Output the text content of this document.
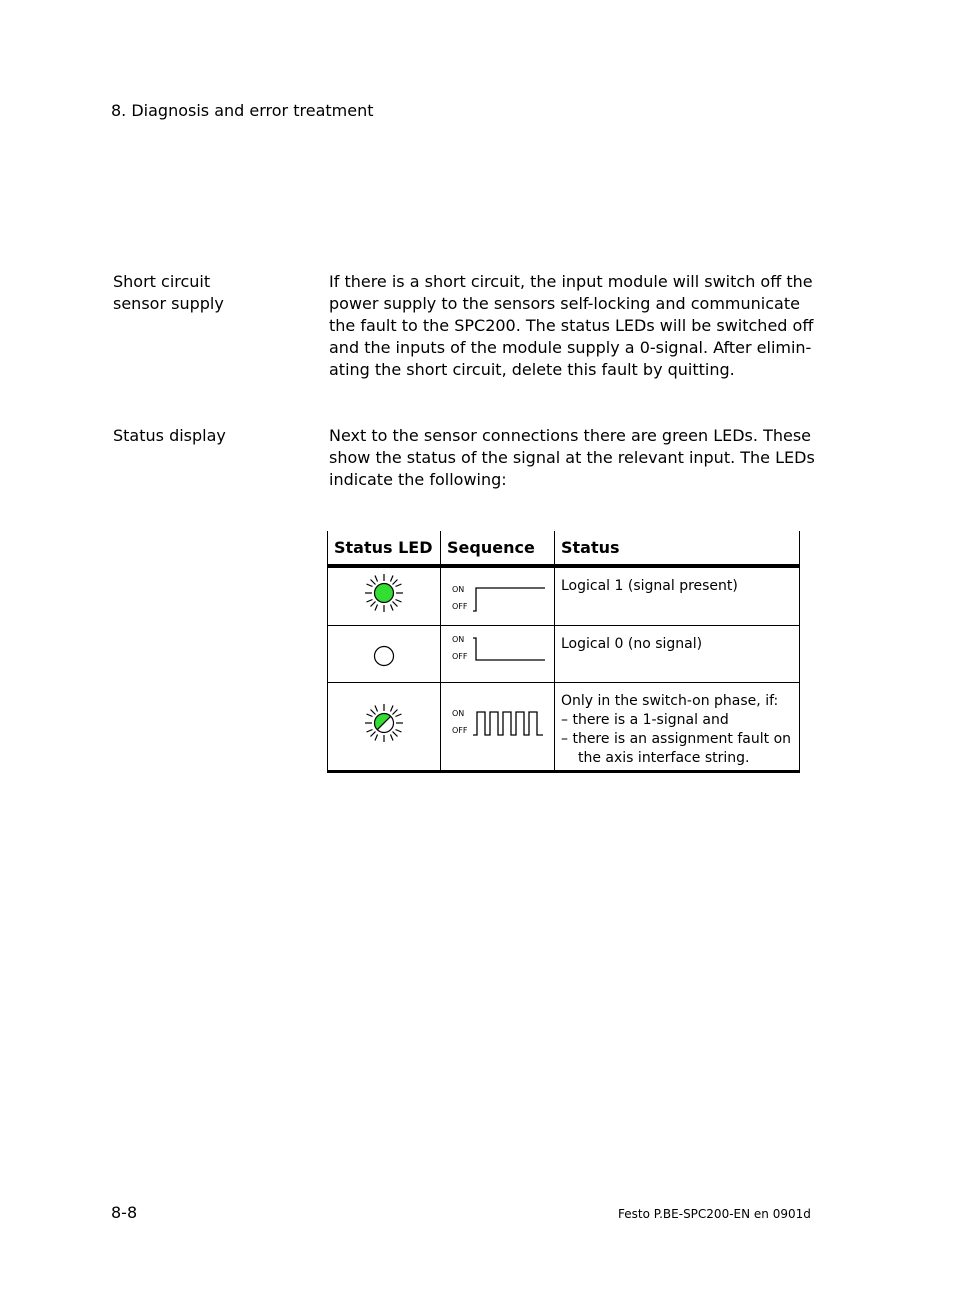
8. Diagnosis and error treatment
Short circuit
sensor supply
If there is a short circuit, the input module will switch off the
power supply to the sensors self-locking and communicate
the fault to the SPC200. The status LEDs will be switched off
and the inputs of the module supply a 0-signal. After elimin-
ating the short circuit, delete this fault by quitting.
Status display	Next to the sensor connections there are green LEDs. These
show the status of the signal at the relevant input. The LEDs
indicate the following:
Status LED	Sequence	Status

ON
OFF	Logical 1 (signal present)

ON
OFF	Logical 0 (no signal)

ON
OFF	Only in the switch-on phase, if:
– there is a 1-signal and
– there is an assignment fault on the axis interface string.
8-8	Festo P.BE-SPC200-EN en 0901d
